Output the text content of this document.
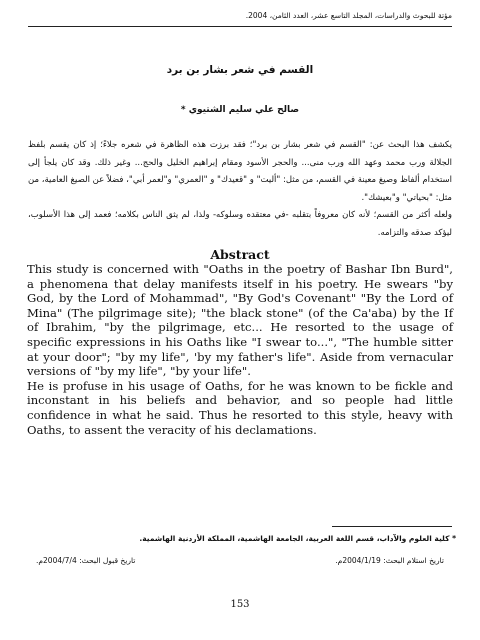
مؤتة للبحوث والدراسات، المجلد التاسع عشر، العدد الثامن، 2004.
القسم في شعر بشار بن برد
صالح علي سليم الشتيوي *

يكشف هذا البحث عن: "القسم في شعر بشار بن برد"؛ فقد برزت هذه الظاهرة في شعره جلاءً؛ إذ كان يقسم بلفظ الجلالة ورب محمد وعهد الله ورب منى... والحجر الأسود ومقام إبراهيم الخليل والحج... وغير ذلك. وقد كان يلجأ إلى استخدام ألفاظ وصيغ معينة في القسم، من مثل: "أليت" و "قعيدك" و "العمري" و"لعمر أبي"، فضلاً عن الصيغ العامية، من مثل: "بحياتي" و"بعيشك".

ولعله أكثر من القسم؛ لأنه كان معروفاً بتقلبه -في معتقده وسلوكه- ولذا، لم يثق الناس بكلامه؛ فعمد إلى هذا الأسلوب، ليؤكد صدقه والتزامه.

Abstract

This study is concerned with "Oaths in the poetry of Bashar Ibn Burd", a phenomena that delay manifests itself in his poetry. He swears "by God, by the Lord of Mohammad", "By God's Covenant" "By the Lord of Mina" (The pilgrimage site); "the black stone" (of the Ca'aba) by the If of Ibrahim, "by the pilgrimage, etc... He resorted to the usage of specific expressions in his Oaths like "I swear to...", "The humble sitter at your door"; "by my life", 'by my father's life". Aside from vernacular versions of "by my life", "by your life".

He is profuse in his usage of Oaths, for he was known to be fickle and inconstant in his beliefs and behavior, and so people had little confidence in what he said. Thus he resorted to this style, heavy with Oaths, to assent the veracity of his declamations.

* كلية العلوم والآداب، قسم اللغة العربية، الجامعة الهاشمية، المملكة الأردنية الهاشمية.
تاريخ استلام البحث: 2004/1/19م.
تاريخ قبول البحث: 2004/7/4م.
153
